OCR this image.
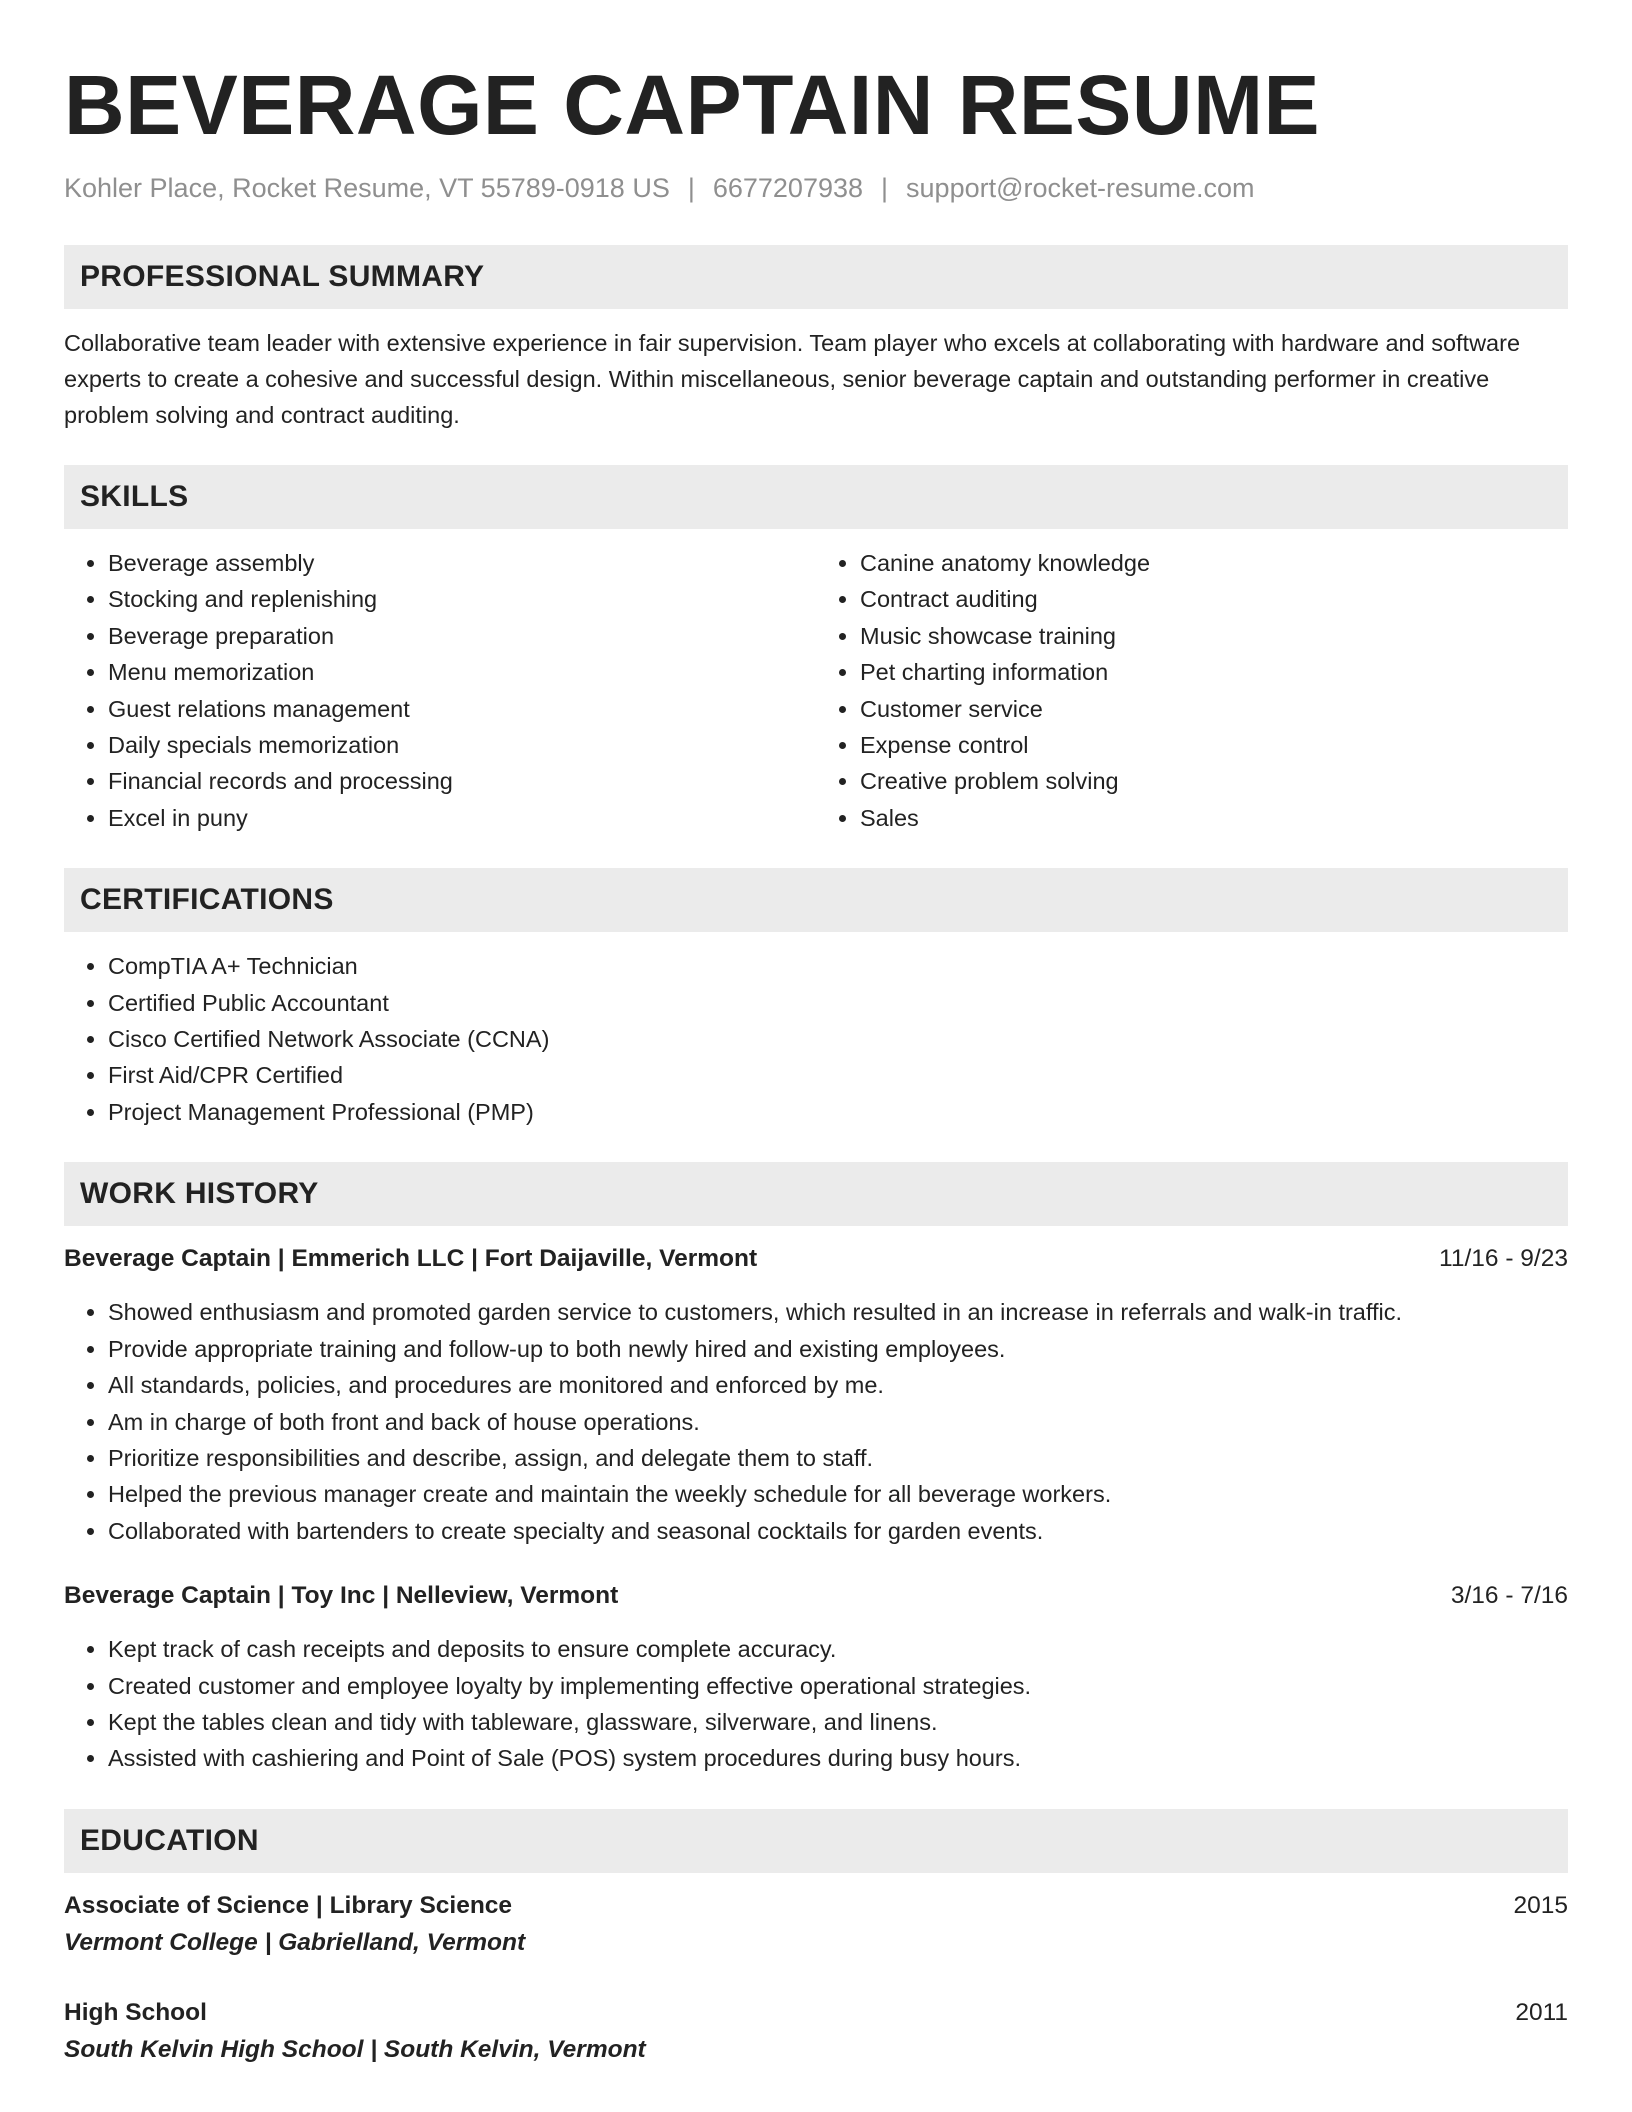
BEVERAGE CAPTAIN RESUME
Kohler Place, Rocket Resume, VT 55789-0918 US | 6677207938 | support@rocket-resume.com
PROFESSIONAL SUMMARY

Collaborative team leader with extensive experience in fair supervision. Team player who excels at collaborating with hardware and software experts to create a cohesive and successful design. Within miscellaneous, senior beverage captain and outstanding performer in creative problem solving and contract auditing.

SKILLS
• Beverage assembly
• Stocking and replenishing
• Beverage preparation
• Menu memorization
• Guest relations management
• Daily specials memorization
• Financial records and processing
• Excel in puny
• Canine anatomy knowledge
• Contract auditing
• Music showcase training
• Pet charting information
• Customer service
• Expense control
• Creative problem solving
• Sales
CERTIFICATIONS
• CompTIA A+ Technician
• Certified Public Accountant
• Cisco Certified Network Associate (CCNA)
• First Aid/CPR Certified
• Project Management Professional (PMP)
WORK HISTORY
Beverage Captain | Emmerich LLC | Fort Daijaville, Vermont	11/16 - 9/23
• Showed enthusiasm and promoted garden service to customers, which resulted in an increase in referrals and walk-in traffic.
• Provide appropriate training and follow-up to both newly hired and existing employees.
• All standards, policies, and procedures are monitored and enforced by me.
• Am in charge of both front and back of house operations.
• Prioritize responsibilities and describe, assign, and delegate them to staff.
• Helped the previous manager create and maintain the weekly schedule for all beverage workers.
• Collaborated with bartenders to create specialty and seasonal cocktails for garden events.
Beverage Captain | Toy Inc | Nelleview, Vermont	3/16 - 7/16
• Kept track of cash receipts and deposits to ensure complete accuracy.
• Created customer and employee loyalty by implementing effective operational strategies.
• Kept the tables clean and tidy with tableware, glassware, silverware, and linens.
• Assisted with cashiering and Point of Sale (POS) system procedures during busy hours.
EDUCATION
Associate of Science | Library Science	2015
Vermont College | Gabrielland, Vermont
High School	2011
South Kelvin High School | South Kelvin, Vermont
